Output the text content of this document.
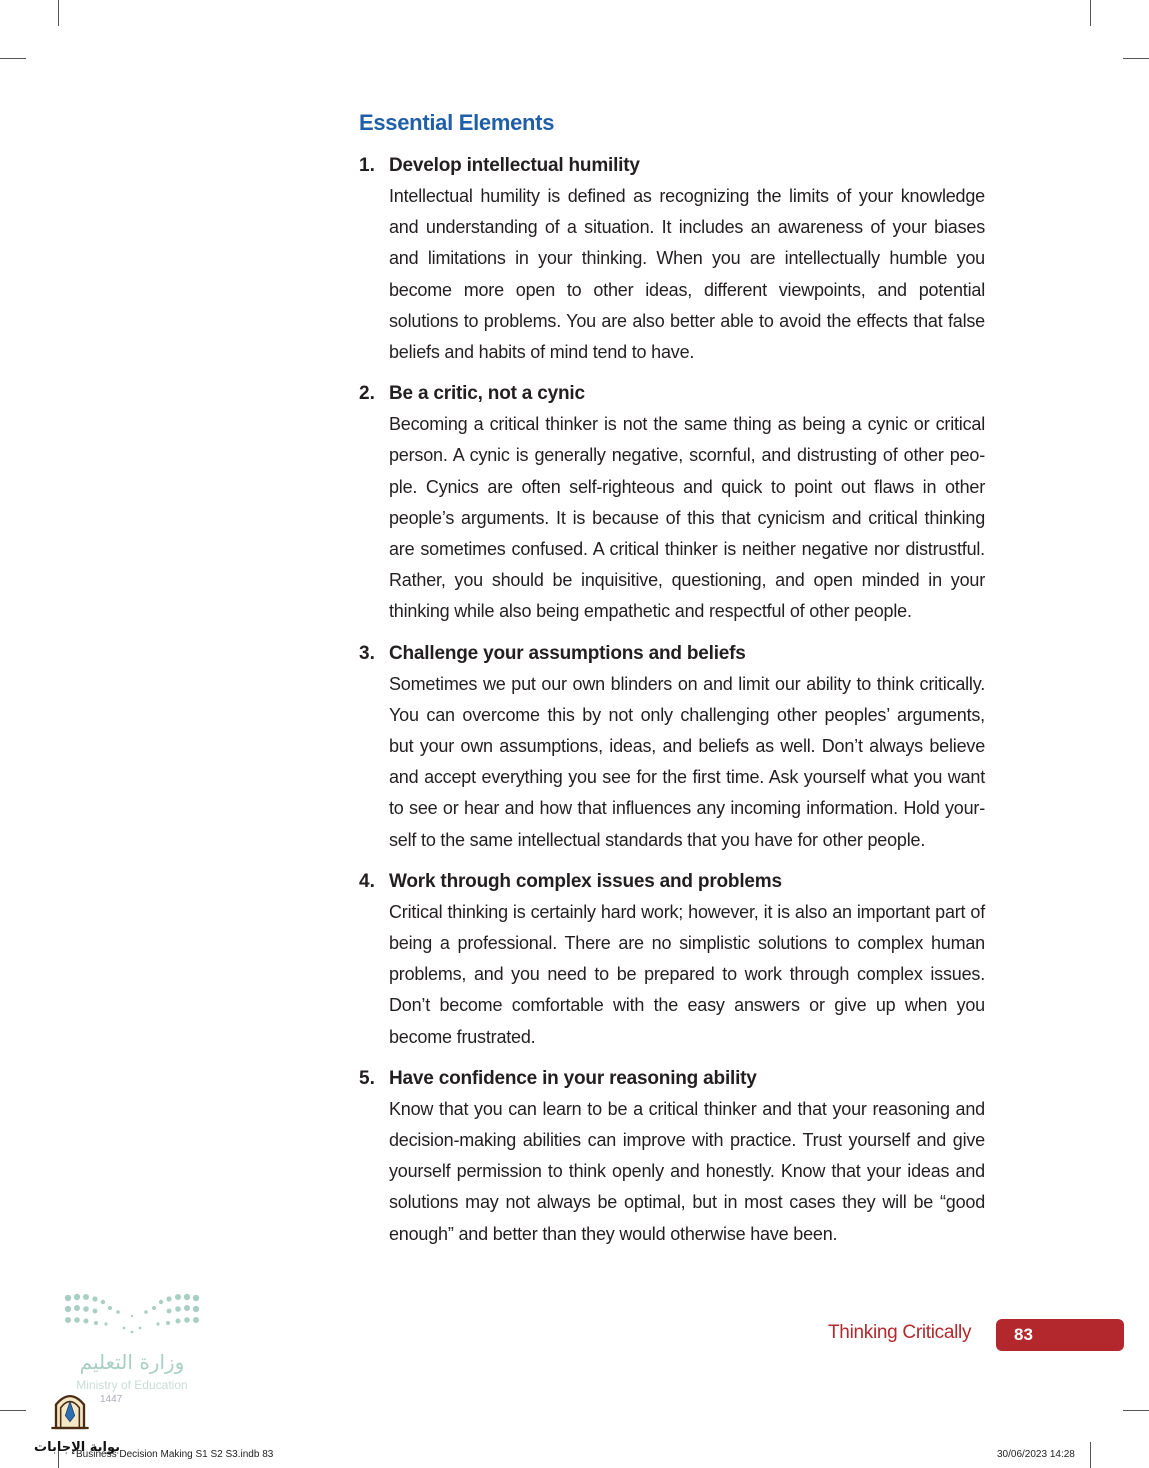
Essential Elements
1. Develop intellectual humility

Intellectual humility is defined as recognizing the limits of your knowledge and understanding of a situation. It includes an awareness of your biases and limitations in your thinking. When you are intellectually humble you become more open to other ideas, different viewpoints, and potential solutions to problems. You are also better able to avoid the effects that false beliefs and habits of mind tend to have.

2. Be a critic, not a cynic

Becoming a critical thinker is not the same thing as being a cynic or critical person. A cynic is generally negative, scornful, and distrusting of other peo-ple. Cynics are often self-righteous and quick to point out flaws in other people’s arguments. It is because of this that cynicism and critical thinking are sometimes confused. A critical thinker is neither negative nor distrustful. Rather, you should be inquisitive, questioning, and open minded in your thinking while also being empathetic and respectful of other people.

3. Challenge your assumptions and beliefs

Sometimes we put our own blinders on and limit our ability to think critically. You can overcome this by not only challenging other peoples’ arguments, but your own assumptions, ideas, and beliefs as well. Don’t always believe and accept everything you see for the first time. Ask yourself what you want to see or hear and how that influences any incoming information. Hold your-self to the same intellectual standards that you have for other people.

4. Work through complex issues and problems

Critical thinking is certainly hard work; however, it is also an important part of being a professional. There are no simplistic solutions to complex human problems, and you need to be prepared to work through complex issues. Don’t become comfortable with the easy answers or give up when you become frustrated.

5. Have confidence in your reasoning ability

Know that you can learn to be a critical thinker and that your reasoning and decision-making abilities can improve with practice. Trust yourself and give yourself permission to think openly and honestly. Know that your ideas and solutions may not always be optimal, but in most cases they will be “good enough” and better than they would otherwise have been.

Thinking Critically	83
وزارة التعليم
Ministry of Education
1447
بوابة الإجابات
Business Decision Making S1 S2 S3.indb 83	30/06/2023 14:28
